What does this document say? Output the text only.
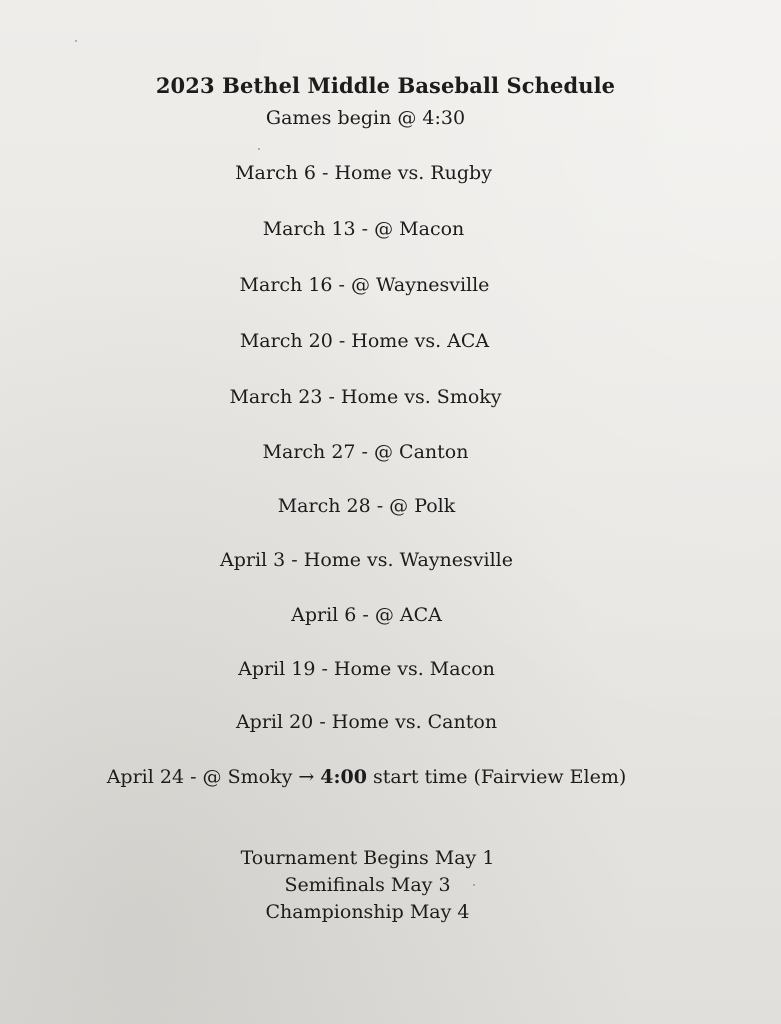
2023 Bethel Middle Baseball Schedule
Games begin @ 4:30
March 6 - Home vs. Rugby
March 13 - @ Macon
March 16 - @ Waynesville
March 20 - Home vs. ACA
March 23 - Home vs. Smoky
March 27 - @ Canton
March 28 - @ Polk
April 3 - Home vs. Waynesville
April 6 - @ ACA
April 19 - Home vs. Macon
April 20 - Home vs. Canton
April 24 - @ Smoky → 4:00 start time (Fairview Elem)
Tournament Begins May 1
Semifinals May 3
Championship May 4
